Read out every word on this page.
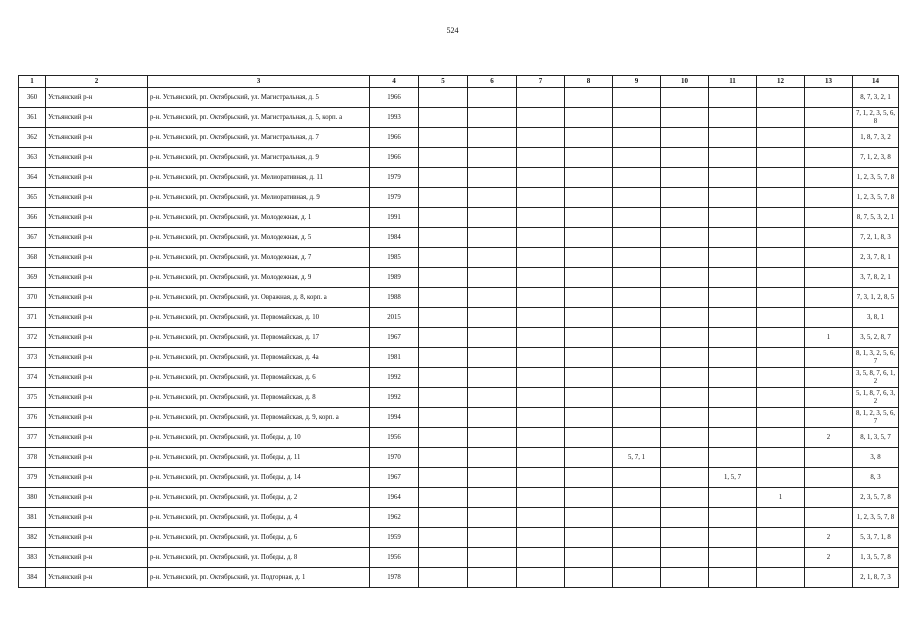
524
1	2	3	4	5	6	7	8	9	10	11	12	13	14
360	Устьянский р-н	р-н. Устьянский, рп. Октябрьский, ул. Магистральная, д. 5	1966										8, 7, 3, 2, 1
361	Устьянский р-н	р-н. Устьянский, рп. Октябрьский, ул. Магистральная, д. 5, корп. а	1993										7, 1, 2, 3, 5, 6, 8
362	Устьянский р-н	р-н. Устьянский, рп. Октябрьский, ул. Магистральная, д. 7	1966										1, 8, 7, 3, 2
363	Устьянский р-н	р-н. Устьянский, рп. Октябрьский, ул. Магистральная, д. 9	1966										7, 1, 2, 3, 8
364	Устьянский р-н	р-н. Устьянский, рп. Октябрьский, ул. Мелиоративная, д. 11	1979										1, 2, 3, 5, 7, 8
365	Устьянский р-н	р-н. Устьянский, рп. Октябрьский, ул. Мелиоративная, д. 9	1979										1, 2, 3, 5, 7, 8
366	Устьянский р-н	р-н. Устьянский, рп. Октябрьский, ул. Молодежная, д. 1	1991										8, 7, 5, 3, 2, 1
367	Устьянский р-н	р-н. Устьянский, рп. Октябрьский, ул. Молодежная, д. 5	1984										7, 2, 1, 8, 3
368	Устьянский р-н	р-н. Устьянский, рп. Октябрьский, ул. Молодежная, д. 7	1985										2, 3, 7, 8, 1
369	Устьянский р-н	р-н. Устьянский, рп. Октябрьский, ул. Молодежная, д. 9	1989										3, 7, 8, 2, 1
370	Устьянский р-н	р-н. Устьянский, рп. Октябрьский, ул. Овражная, д. 8, корп. а	1988										7, 3, 1, 2, 8, 5
371	Устьянский р-н	р-н. Устьянский, рп. Октябрьский, ул. Первомайская, д. 10	2015										3, 8, 1
372	Устьянский р-н	р-н. Устьянский, рп. Октябрьский, ул. Первомайская, д. 17	1967									1	3, 5, 2, 8, 7
373	Устьянский р-н	р-н. Устьянский, рп. Октябрьский, ул. Первомайская, д. 4а	1981										8, 1, 3, 2, 5, 6, 7
374	Устьянский р-н	р-н. Устьянский, рп. Октябрьский, ул. Первомайская, д. 6	1992										3, 5, 8, 7, 6, 1, 2
375	Устьянский р-н	р-н. Устьянский, рп. Октябрьский, ул. Первомайская, д. 8	1992										5, 1, 8, 7, 6, 3, 2
376	Устьянский р-н	р-н. Устьянский, рп. Октябрьский, ул. Первомайская, д. 9, корп. а	1994										8, 1, 2, 3, 5, 6, 7
377	Устьянский р-н	р-н. Устьянский, рп. Октябрьский, ул. Победы, д. 10	1956									2	8, 1, 3, 5, 7
378	Устьянский р-н	р-н. Устьянский, рп. Октябрьский, ул. Победы, д. 11	1970					5, 7, 1					3, 8
379	Устьянский р-н	р-н. Устьянский, рп. Октябрьский, ул. Победы, д. 14	1967							1, 5, 7			8, 3
380	Устьянский р-н	р-н. Устьянский, рп. Октябрьский, ул. Победы, д. 2	1964								1		2, 3, 5, 7, 8
381	Устьянский р-н	р-н. Устьянский, рп. Октябрьский, ул. Победы, д. 4	1962										1, 2, 3, 5, 7, 8
382	Устьянский р-н	р-н. Устьянский, рп. Октябрьский, ул. Победы, д. 6	1959									2	5, 3, 7, 1, 8
383	Устьянский р-н	р-н. Устьянский, рп. Октябрьский, ул. Победы, д. 8	1956									2	1, 3, 5, 7, 8
384	Устьянский р-н	р-н. Устьянский, рп. Октябрьский, ул. Подгорная, д. 1	1978										2, 1, 8, 7, 3
